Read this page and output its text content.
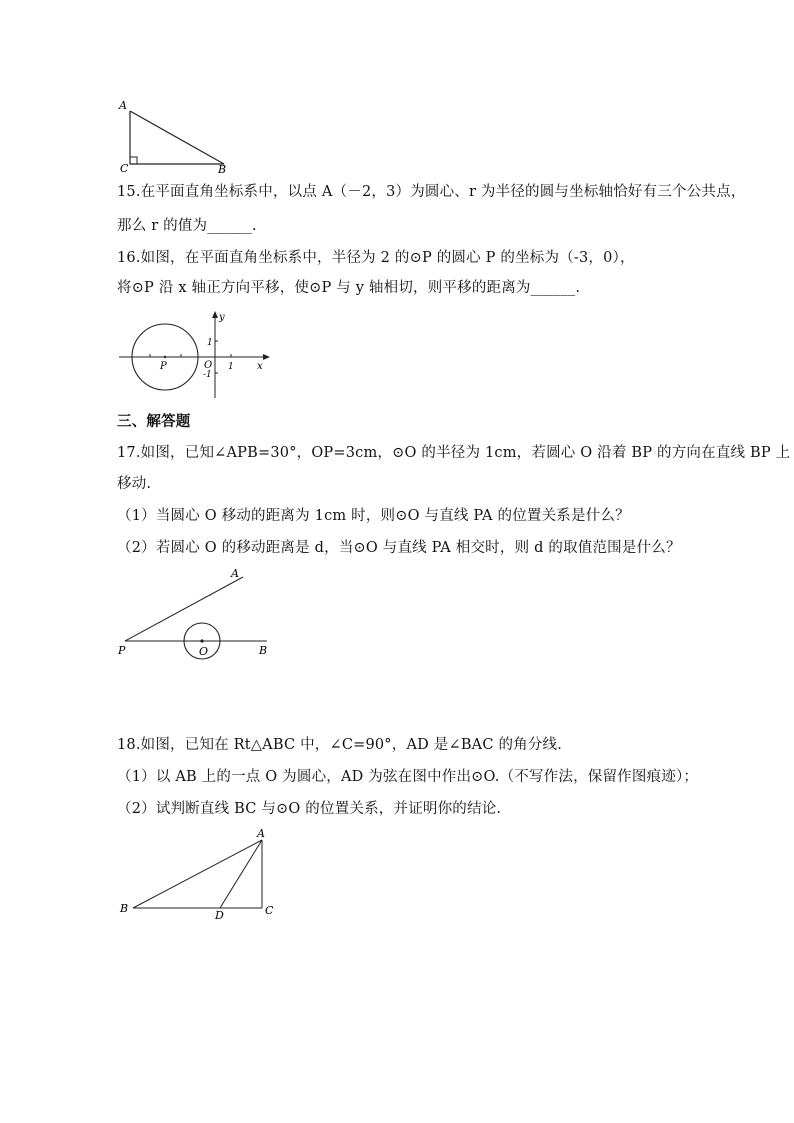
A
C	B
15.在平面直角坐标系中，以点 A（－2，3）为圆心、r 为半径的圆与坐标轴恰好有三个公共点，
那么 r 的值为______.
16.如图，在平面直角坐标系中，半径为 2 的⊙P 的圆心 P 的坐标为（-3，0），
将⊙P 沿 x 轴正方向平移，使⊙P 与 y 轴相切，则平移的距离为______.
y
x
O
P
1
-1
1
三、解答题
17.如图，已知∠APB=30°，OP=3cm，⊙O 的半径为 1cm，若圆心 O 沿着 BP 的方向在直线 BP 上
移动.
（1）当圆心 O 移动的距离为 1cm 时，则⊙O 与直线 PA 的位置关系是什么？
（2）若圆心 O 的移动距离是 d，当⊙O 与直线 PA 相交时，则 d 的取值范围是什么？
A
P	O	B
18.如图，已知在 Rt△ABC 中，∠C=90°，AD 是∠BAC 的角分线.
（1）以 AB 上的一点 O 为圆心，AD 为弦在图中作出⊙O.（不写作法，保留作图痕迹）；
（2）试判断直线 BC 与⊙O 的位置关系，并证明你的结论.
A
B
D	C
